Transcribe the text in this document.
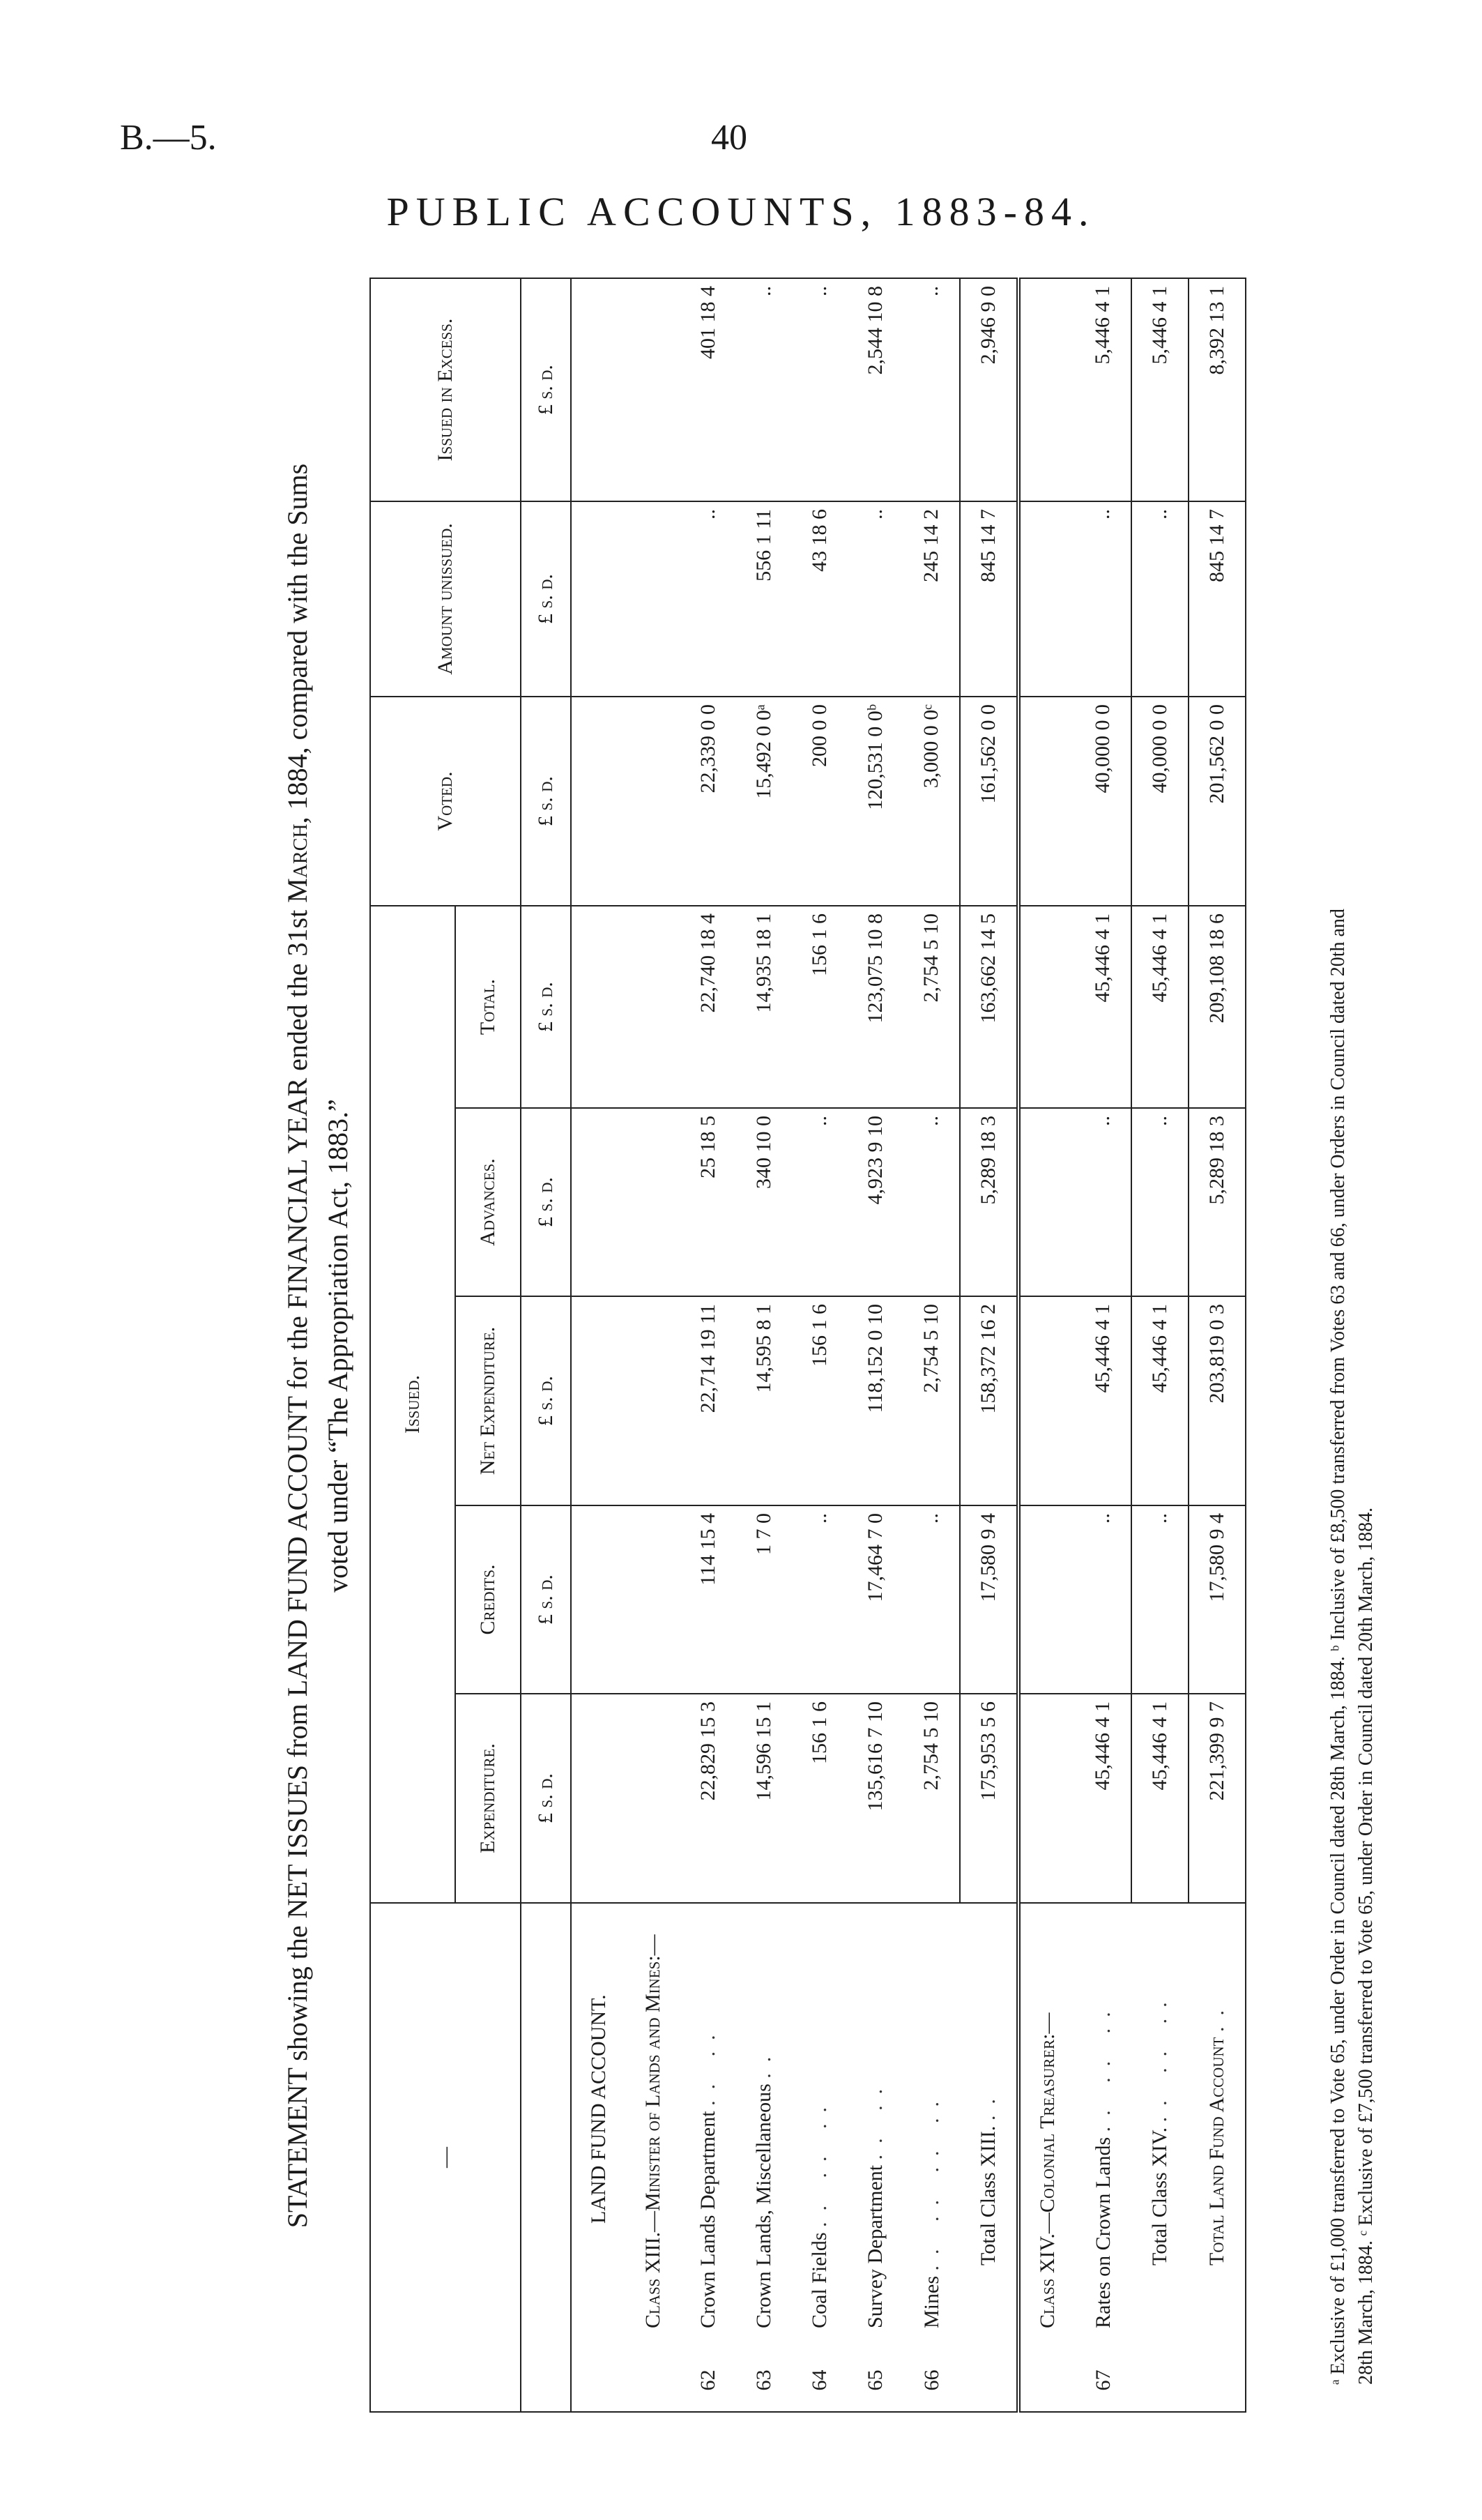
B.—5.	40
PUBLIC ACCOUNTS, 1883-84.
STATEMENT showing the NET ISSUES from LAND FUND ACCOUNT for the FINANCIAL YEAR ended the 31st March, 1884, compared with the Sums
voted under “The Appropriation Act, 1883.”
—		Issued.					Voted.	Amount unissued.	Issued in Excess.
		Expenditure.	Credits.	Net Expenditure.	Advances.	Total.			
		£ s. d.	£ s. d.	£ s. d.	£ s. d.	£ s. d.	£ s. d.	£ s. d.	£ s. d.
	LAND FUND ACCOUNT.								
	Class XIII.—Minister of Lands and Mines:—								
62	Crown Lands Department .. ..	22,829 15 3	114 15 4	22,714 19 11	25 18 5	22,740 18 4	22,339 0 0	..	401 18 4
63	Crown Lands, Miscellaneous ..	14,596 15 1	1 7 0	14,595 8 1	340 10 0	14,935 18 1	15,492 0 0ᵃ	556 1 11	..
64	Coal Fields .. .. ..	156 1 6	..	156 1 6	..	156 1 6	200 0 0	43 18 6	..
65	Survey Department .. ..	135,616 7 10	17,464 7 0	118,152 0 10	4,923 9 10	123,075 10 8	120,531 0 0ᵇ	..	2,544 10 8
66	Mines .. .. .. ..	2,754 5 10	..	2,754 5 10	..	2,754 5 10	3,000 0 0ᶜ	245 14 2	..
	Total Class XIII. ..	175,953 5 6	17,580 9 4	158,372 16 2	5,289 18 3	163,662 14 5	161,562 0 0	845 14 7	2,946 9 0
	Class XIV.—Colonial Treasurer:—								
67	Rates on Crown Lands .. .. ..	45,446 4 1	..	45,446 4 1	..	45,446 4 1	40,000 0 0	..	5,446 4 1
	Total Class XIV. .. .. ..	45,446 4 1	..	45,446 4 1	..	45,446 4 1	40,000 0 0	..	5,446 4 1
	Total Land Fund Account ..	221,399 9 7	17,580 9 4	203,819 0 3	5,289 18 3	209,108 18 6	201,562 0 0	845 14 7	8,392 13 1
ᵃ Exclusive of £1,000 transferred to Vote 65, under Order in Council dated 28th March, 1884. ᵇ Inclusive of £8,500 transferred from Votes 63 and 66, under Orders in Council dated 20th and 28th March, 1884. ᶜ Exclusive of £7,500 transferred to Vote 65, under Order in Council dated 20th March, 1884.
